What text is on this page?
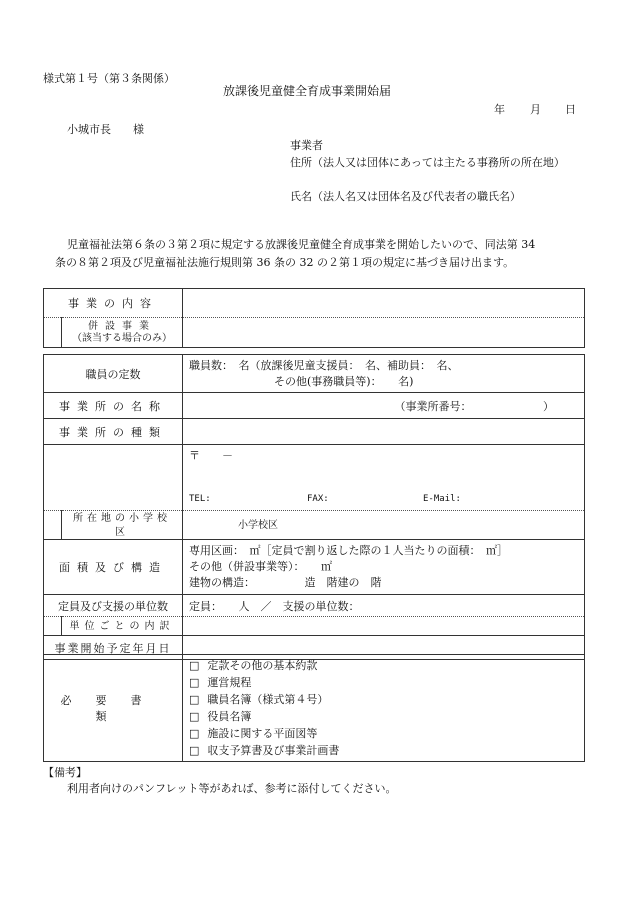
様式第１号（第３条関係）
放課後児童健全育成事業開始届
年 月 日
小城市長　　様
事業者
住所（法人又は団体にあっては主たる事務所の所在地）
氏名（法人名又は団体名及び代表者の職氏名）
児童福祉法第６条の３第２項に規定する放課後児童健全育成事業を開始したいので、同法第 34
条の８第２項及び児童福祉法施行規則第 36 条の 32 の２第１項の規定に基づき届け出ます。
事業の内容		

	併設事業
（該当する場合のみ）	

職員の定数		職員数：　名（放課後児童支援員：　名、補助員：　名、
その他(事務職員等)：　　名)

事業所の名称		（事業所番号：　　　　　　　）
事業所の種類		

		〒　　－
TEL: FAX: E-Mail:

	所在地の小学校区	小学校区
面積及び構造		専用区画：　㎡［定員で割り返した際の１人当たりの面積：　㎡］
その他（併設事業等）：　　㎡
建物の構造：　　　　　造　階建の　階

定員及び支援の単位数		定員：　　人　／　支援の単位数：
	単位ごとの内訳	
事業開始予定年月日		
必要書類	
□ 定款その他の基本約款
□ 運営規程
□ 職員名簿（様式第４号）
□ 役員名簿
□ 施設に関する平面図等
□ 収支予算書及び事業計画書
【備考】
利用者向けのパンフレット等があれば、参考に添付してください。
